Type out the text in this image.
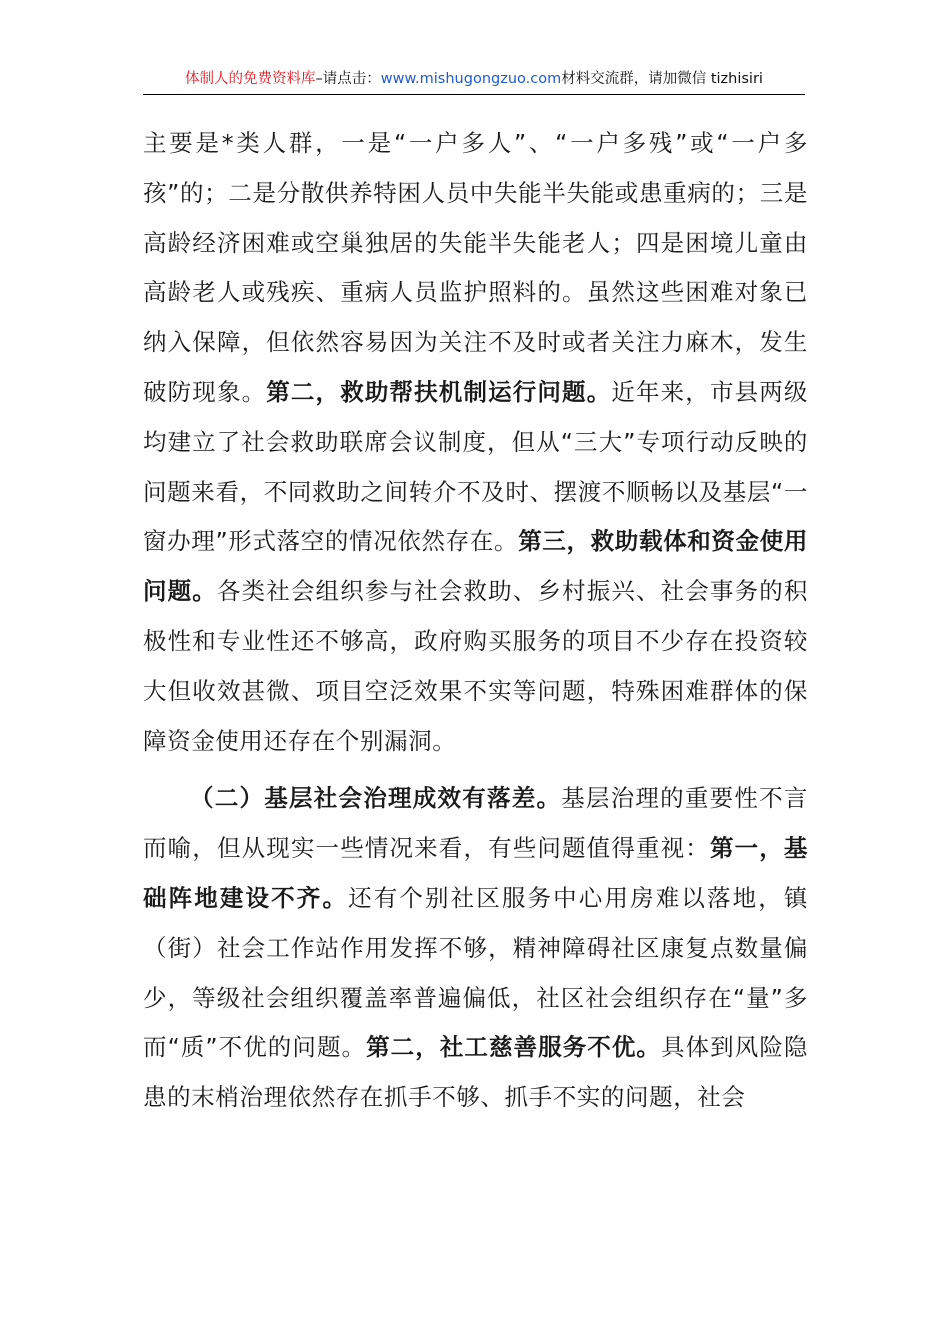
体制人的免费资料库–请点击：www.mishugongzuo.com材料交流群，请加微信 tizhisiri

主要是*类人群，一是“一户多人”、“一户多残”或“一户多孩”的；二是分散供养特困人员中失能半失能或患重病的；三是高龄经济困难或空巢独居的失能半失能老人；四是困境儿童由高龄老人或残疾、重病人员监护照料的。虽然这些困难对象已纳入保障，但依然容易因为关注不及时或者关注力麻木，发生破防现象。第二，救助帮扶机制运行问题。近年来，市县两级均建立了社会救助联席会议制度，但从“三大”专项行动反映的问题来看，不同救助之间转介不及时、摆渡不顺畅以及基层“一窗办理”形式落空的情况依然存在。第三，救助载体和资金使用问题。各类社会组织参与社会救助、乡村振兴、社会事务的积极性和专业性还不够高，政府购买服务的项目不少存在投资较大但收效甚微、项目空泛效果不实等问题，特殊困难群体的保障资金使用还存在个别漏洞。

（二）基层社会治理成效有落差。基层治理的重要性不言而喻，但从现实一些情况来看，有些问题值得重视：第一，基础阵地建设不齐。还有个别社区服务中心用房难以落地，镇（街）社会工作站作用发挥不够，精神障碍社区康复点数量偏少，等级社会组织覆盖率普遍偏低，社区社会组织存在“量”多而“质”不优的问题。第二，社工慈善服务不优。具体到风险隐患的末梢治理依然存在抓手不够、抓手不实的问题，社会
